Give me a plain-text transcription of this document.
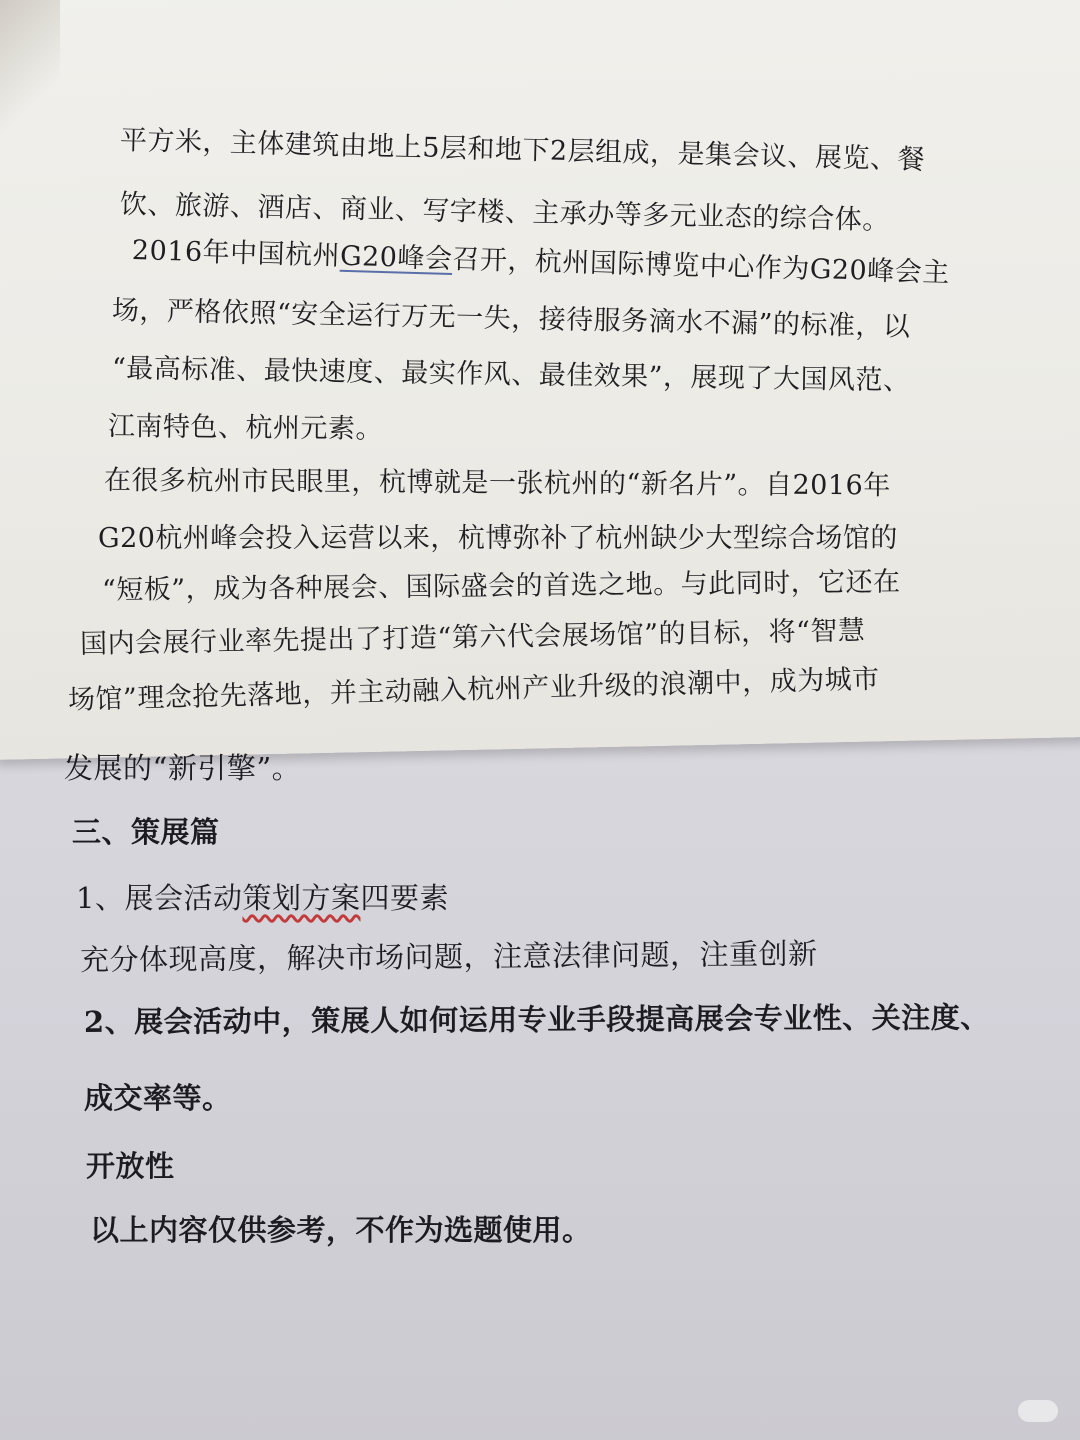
平方米，主体建筑由地上5层和地下2层组成，是集会议、展览、餐
饮、旅游、酒店、商业、写字楼、主承办等多元业态的综合体。
2016年中国杭州G20峰会召开，杭州国际博览中心作为G20峰会主
场，严格依照“安全运行万无一失，接待服务滴水不漏”的标准，以
“最高标准、最快速度、最实作风、最佳效果”，展现了大国风范、
江南特色、杭州元素。
在很多杭州市民眼里，杭博就是一张杭州的“新名片”。自2016年
G20杭州峰会投入运营以来，杭博弥补了杭州缺少大型综合场馆的
“短板”，成为各种展会、国际盛会的首选之地。与此同时，它还在
国内会展行业率先提出了打造“第六代会展场馆”的目标，将“智慧
场馆”理念抢先落地，并主动融入杭州产业升级的浪潮中，成为城市
发展的“新引擎”。
三、策展篇
1、展会活动策划方案四要素
充分体现高度，解决市场问题，注意法律问题，注重创新
2、展会活动中，策展人如何运用专业手段提高展会专业性、关注度、
成交率等。
开放性
以上内容仅供参考，不作为选题使用。
